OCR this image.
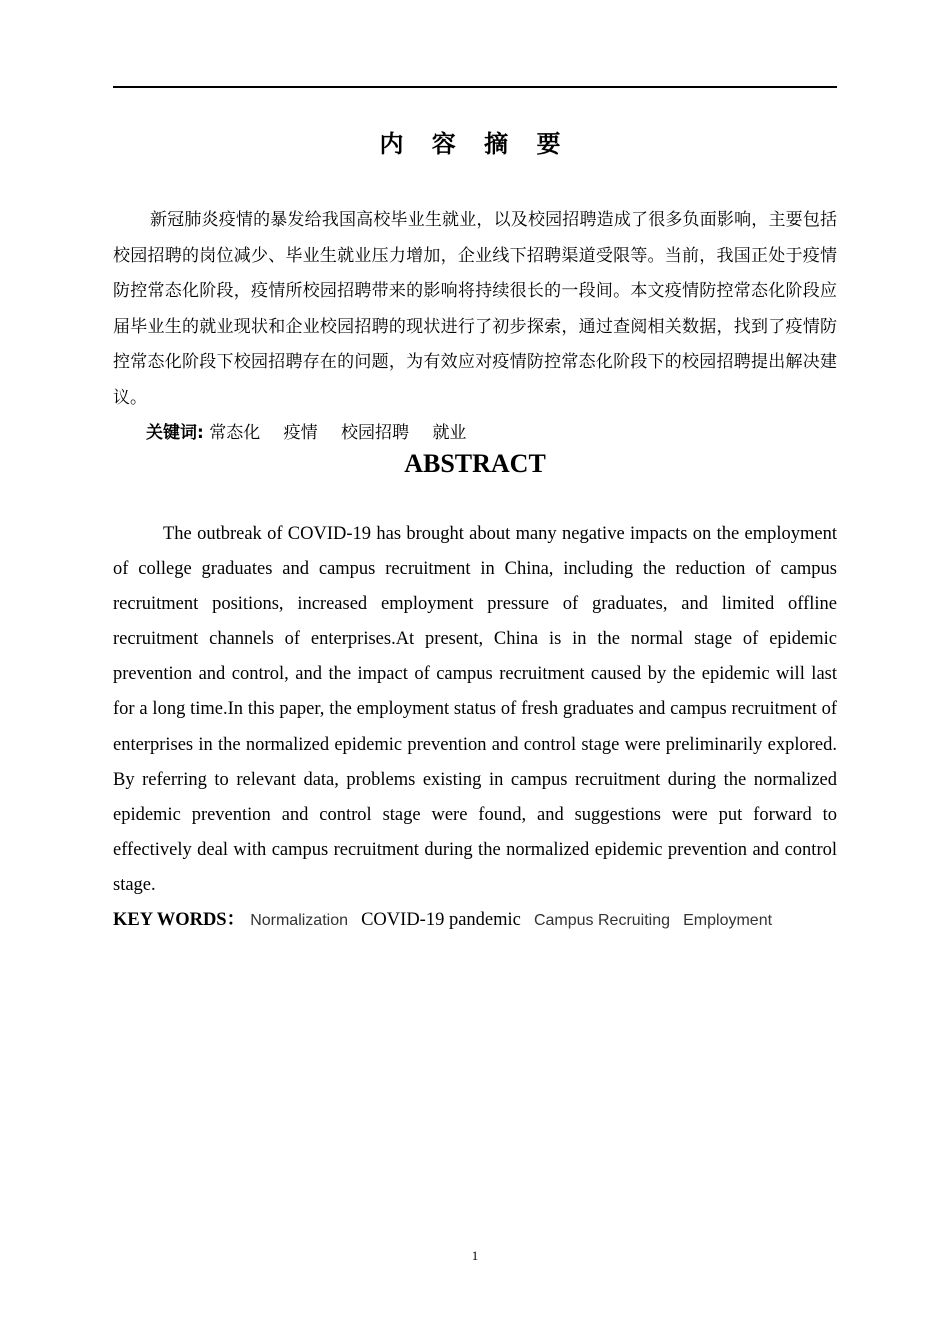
内 容 摘 要

新冠肺炎疫情的暴发给我国高校毕业生就业，以及校园招聘造成了很多负面影响，主要包括校园招聘的岗位减少、毕业生就业压力增加，企业线下招聘渠道受限等。当前，我国正处于疫情防控常态化阶段，疫情所校园招聘带来的影响将持续很长的一段间。本文疫情防控常态化阶段应届毕业生的就业现状和企业校园招聘的现状进行了初步探索，通过查阅相关数据，找到了疫情防控常态化阶段下校园招聘存在的问题，为有效应对疫情防控常态化阶段下的校园招聘提出解决建议。

关键词: 常态化 疫情 校园招聘 就业
ABSTRACT

The outbreak of COVID-19 has brought about many negative impacts on the employment of college graduates and campus recruitment in China, including the reduction of campus recruitment positions, increased employment pressure of graduates, and limited offline recruitment channels of enterprises.At present, China is in the normal stage of epidemic prevention and control, and the impact of campus recruitment caused by the epidemic will last for a long time.In this paper, the employment status of fresh graduates and campus recruitment of enterprises in the normalized epidemic prevention and control stage were preliminarily explored. By referring to relevant data, problems existing in campus recruitment during the normalized epidemic prevention and control stage were found, and suggestions were put forward to effectively deal with campus recruitment during the normalized epidemic prevention and control stage.

KEY WORDS： Normalization COVID-19 pandemic Campus Recruiting Employment
1
